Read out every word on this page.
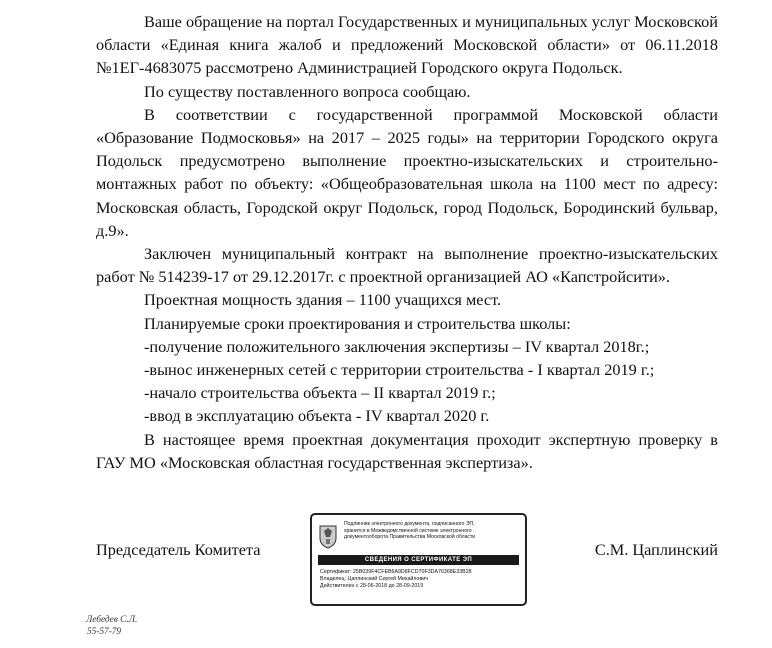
Ваше обращение на портал Государственных и муниципальных услуг Московской области «Единая книга жалоб и предложений Московской области» от 06.11.2018 №1ЕГ-4683075 рассмотрено Администрацией Городского округа Подольск.

По существу поставленного вопроса сообщаю.

В соответствии с государственной программой Московской области «Образование Подмосковья» на 2017 – 2025 годы» на территории Городского округа Подольск предусмотрено выполнение проектно-изыскательских и строительно-монтажных работ по объекту: «Общеобразовательная школа на 1100 мест по адресу: Московская область, Городской округ Подольск, город Подольск, Бородинский бульвар, д.9».

Заключен муниципальный контракт на выполнение проектно-изыскательских работ № 514239-17 от 29.12.2017г. с проектной организацией АО «Капстройсити».

Проектная мощность здания – 1100 учащихся мест.

Планируемые сроки проектирования и строительства школы:

-получение положительного заключения экспертизы – IV квартал 2018г.;

-вынос инженерных сетей с территории строительства - I квартал 2019 г.;

-начало строительства объекта – II квартал 2019 г.;

-ввод в эксплуатацию объекта - IV квартал 2020 г.

В настоящее время проектная документация проходит экспертную проверку в ГАУ МО «Московская областная государственная экспертиза».

Председатель Комитета	С.М. Цаплинский
Подлинник электронного документа, подписанного ЭП,
хранится в Межведомственной системе электронного
документооборота Правительства Московской области
СВЕДЕНИЯ О СЕРТИФИКАТЕ ЭП
Сертификат: 25B039F4CFEB6A9D8FCD70F3DA76368E33B28
Владелец: Цаплинский Сергей Михайлович
Действителен с 28-06-2018 до 28-09-2019
Лебедев С.Л.
55-57-79
